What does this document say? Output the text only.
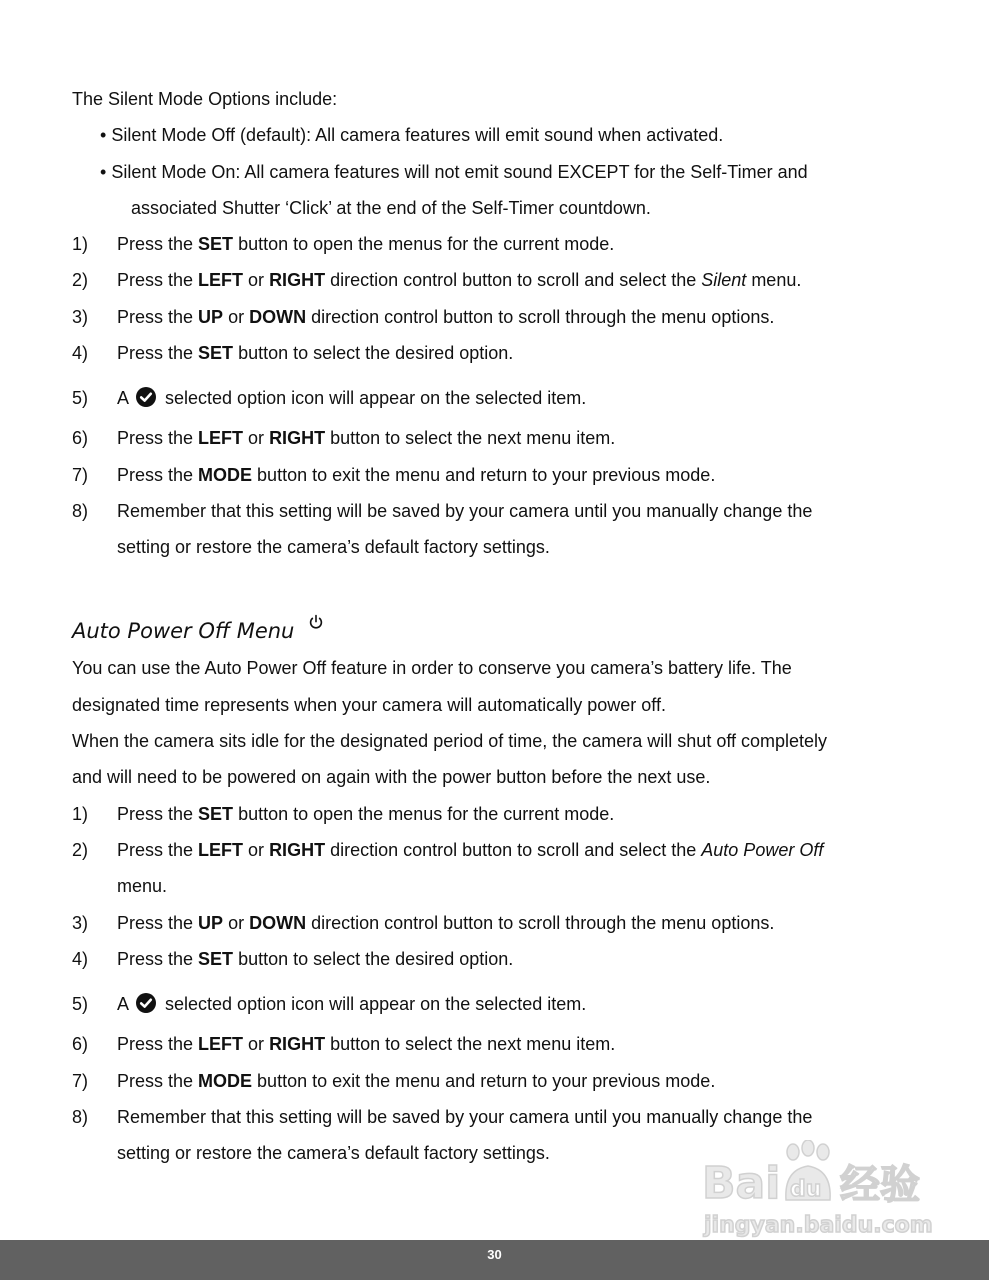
The Silent Mode Options include:
• Silent Mode Off (default): All camera features will emit sound when activated.
• Silent Mode On: All camera features will not emit sound EXCEPT for the Self-Timer and
associated Shutter ‘Click’ at the end of the Self-Timer countdown.
1) Press the SET button to open the menus for the current mode.
2) Press the LEFT or RIGHT direction control button to scroll and select the Silent menu.
3) Press the UP or DOWN direction control button to scroll through the menu options.
4) Press the SET button to select the desired option.
5) A selected option icon will appear on the selected item.
6) Press the LEFT or RIGHT button to select the next menu item.
7) Press the MODE button to exit the menu and return to your previous mode.
8) Remember that this setting will be saved by your camera until you manually change the
setting or restore the camera’s default factory settings.
Auto Power Off Menu
You can use the Auto Power Off feature in order to conserve you camera’s battery life. The
designated time represents when your camera will automatically power off.
When the camera sits idle for the designated period of time, the camera will shut off completely
and will need to be powered on again with the power button before the next use.
1) Press the SET button to open the menus for the current mode.
2) Press the LEFT or RIGHT direction control button to scroll and select the Auto Power Off
menu.
3) Press the UP or DOWN direction control button to scroll through the menu options.
4) Press the SET button to select the desired option.
5) A selected option icon will appear on the selected item.
6) Press the LEFT or RIGHT button to select the next menu item.
7) Press the MODE button to exit the menu and return to your previous mode.
8) Remember that this setting will be saved by your camera until you manually change the
setting or restore the camera’s default factory settings.
Bai du 经验
jingyan.baidu.com
30
